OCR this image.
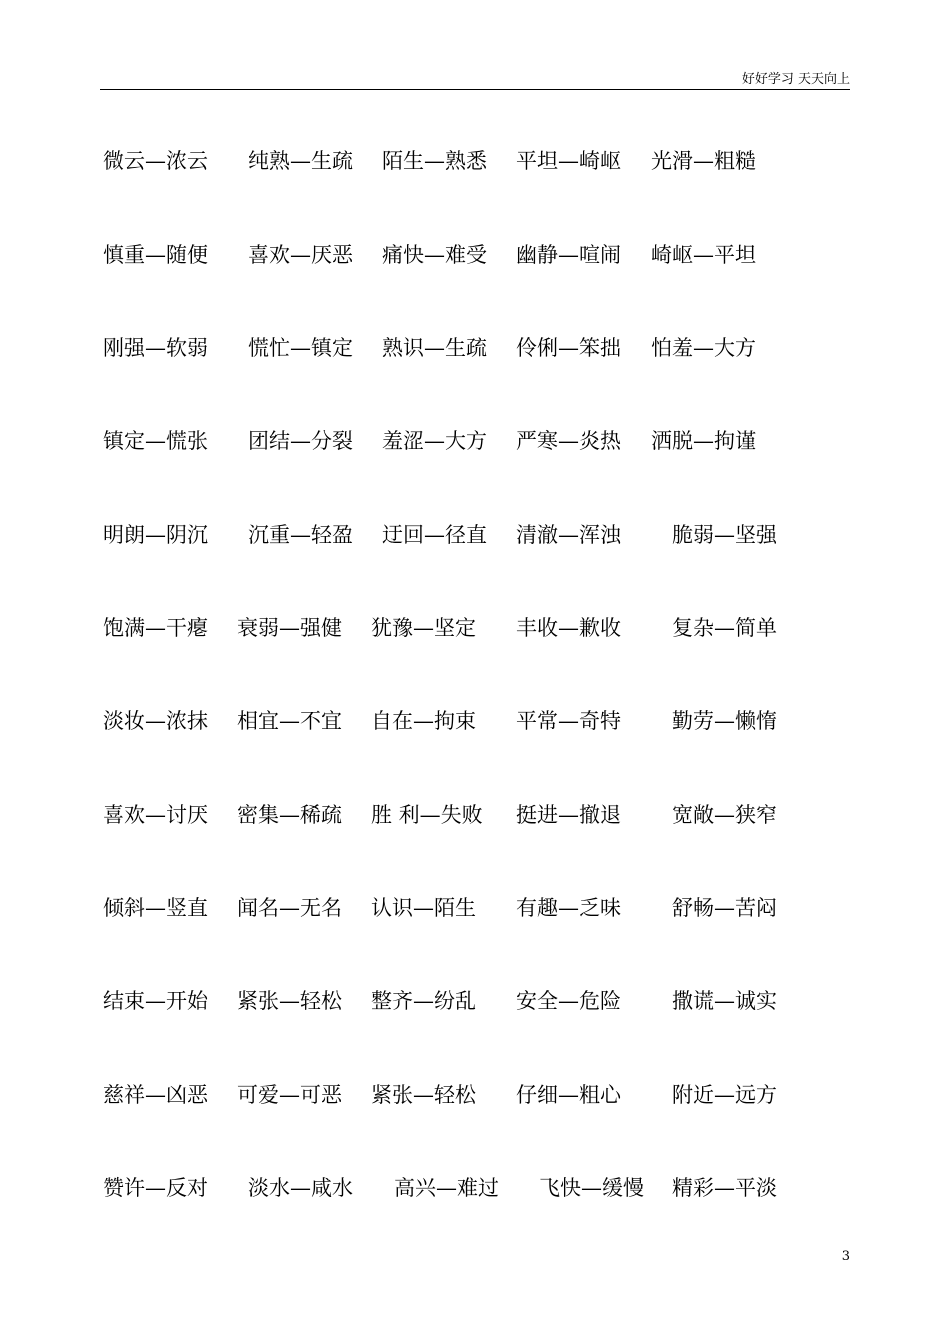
好好学习 天天向上
微云—浓云 纯熟—生疏 陌生—熟悉 平坦—崎岖 光滑—粗糙
慎重—随便 喜欢—厌恶 痛快—难受 幽静—喧闹 崎岖—平坦
刚强—软弱 慌忙—镇定 熟识—生疏 伶俐—笨拙 怕羞—大方
镇定—慌张 团结—分裂 羞涩—大方 严寒—炎热 洒脱—拘谨
明朗—阴沉 沉重—轻盈 迂回—径直 清澈—浑浊 脆弱—坚强
饱满—干瘪 衰弱—强健 犹豫—坚定 丰收—歉收 复杂—简单
淡妆—浓抹 相宜—不宜 自在—拘束 平常—奇特 勤劳—懒惰
喜欢—讨厌 密集—稀疏 胜 利—失败 挺进—撤退 宽敞—狭窄
倾斜—竖直 闻名—无名 认识—陌生 有趣—乏味 舒畅—苦闷
结束—开始 紧张—轻松 整齐—纷乱 安全—危险 撒谎—诚实
慈祥—凶恶 可爱—可恶 紧张—轻松 仔细—粗心 附近—远方
赞许—反对 淡水—咸水 高兴—难过 飞快—缓慢 精彩—平淡
3
